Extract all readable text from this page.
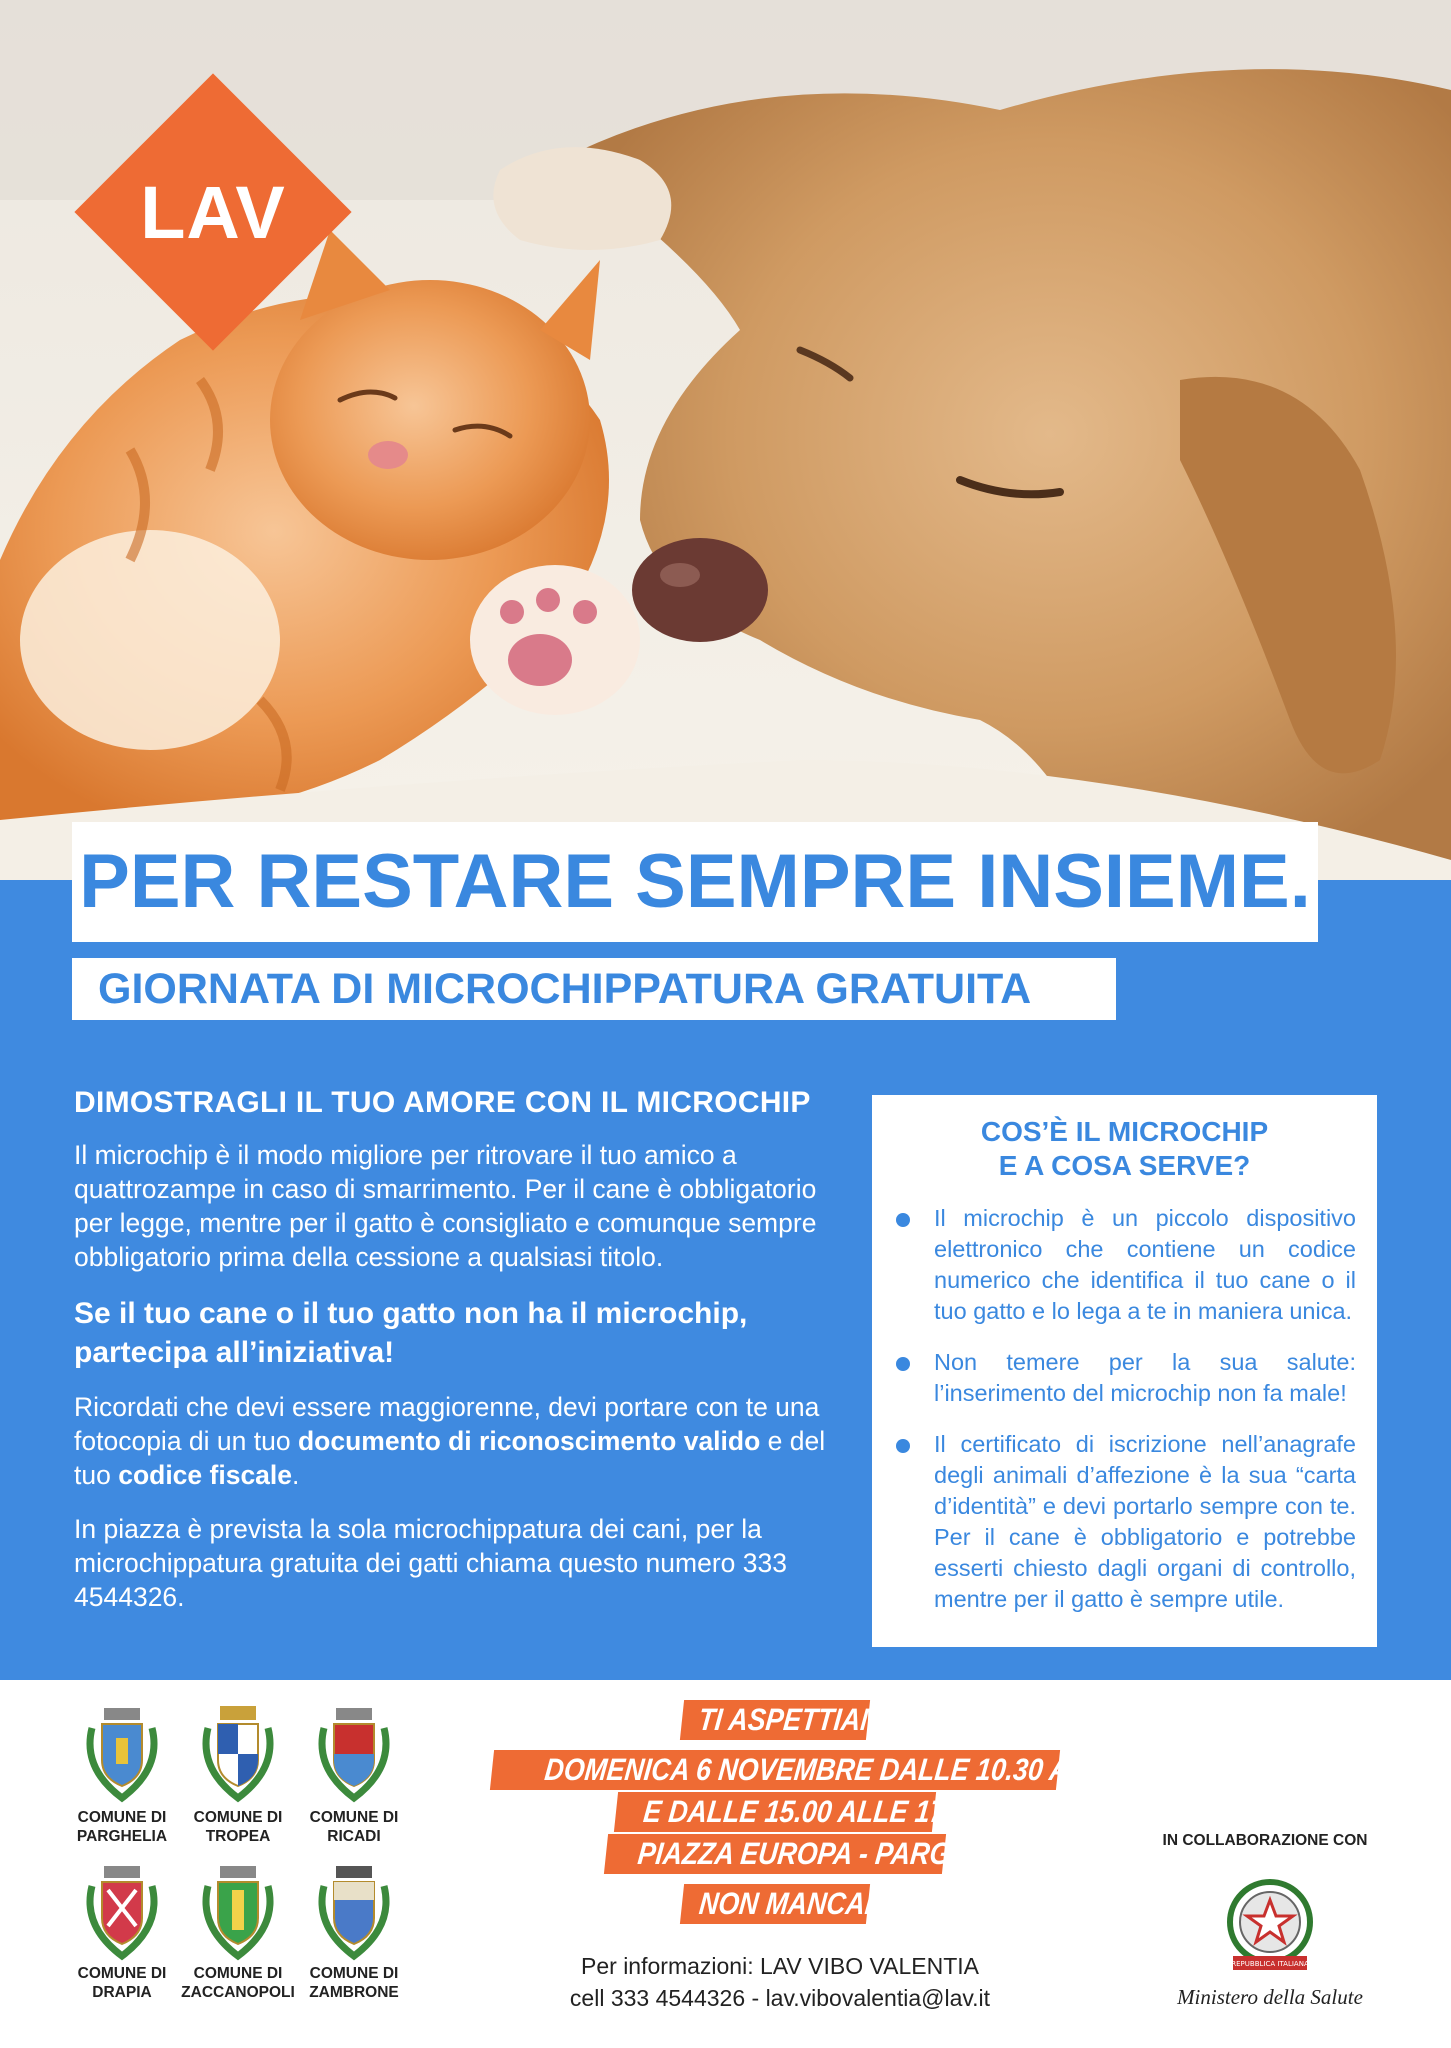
LAV
PER RESTARE SEMPRE INSIEME.
GIORNATA DI MICROCHIPPATURA GRATUITA
DIMOSTRAGLI IL TUO AMORE CON IL MICROCHIP
Il microchip è il modo migliore per ritrovare il tuo amico a quattrozampe in caso di smarrimento. Per il cane è obbligatorio per legge, mentre per il gatto è consigliato e comunque sempre obbligatorio prima della cessione a qualsiasi titolo.
Se il tuo cane o il tuo gatto non ha il microchip, partecipa all’iniziativa!
Ricordati che devi essere maggiorenne, devi portare con te una fotocopia di un tuo documento di riconoscimento valido e del tuo codice fiscale.
In piazza è prevista la sola microchippatura dei cani, per la microchippatura gratuita dei gatti chiama questo numero 333 4544326.
COS’È IL MICROCHIP
E A COSA SERVE?
Il microchip è un piccolo dispositivo elettronico che contiene un codice numerico che identifica il tuo cane o il tuo gatto e lo lega a te in maniera unica.
Non temere per la sua salute: l’inserimento del microchip non fa male!
Il certificato di iscrizione nell’anagrafe degli animali d’affezione è la sua “carta d’identità” e devi portarlo sempre con te. Per il cane è obbligatorio e potrebbe esserti chiesto dagli organi di controllo, mentre per il gatto è sempre utile.
COMUNE DI
PARGHELIA
COMUNE DI
TROPEA
COMUNE DI
RICADI
COMUNE DI
DRAPIA
COMUNE DI
ZACCANOPOLI
COMUNE DI
ZAMBRONE
TI ASPETTIAMO
DOMENICA 6 NOVEMBRE DALLE 10.30 ALLE 12.30
E DALLE 15.00 ALLE 17.30
PIAZZA EUROPA - PARGHELIA
NON MANCARE!
Per informazioni: LAV VIBO VALENTIA
cell 333 4544326 - lav.vibovalentia@lav.it
IN COLLABORAZIONE CON
REPUBBLICA ITALIANA
Ministero della Salute
